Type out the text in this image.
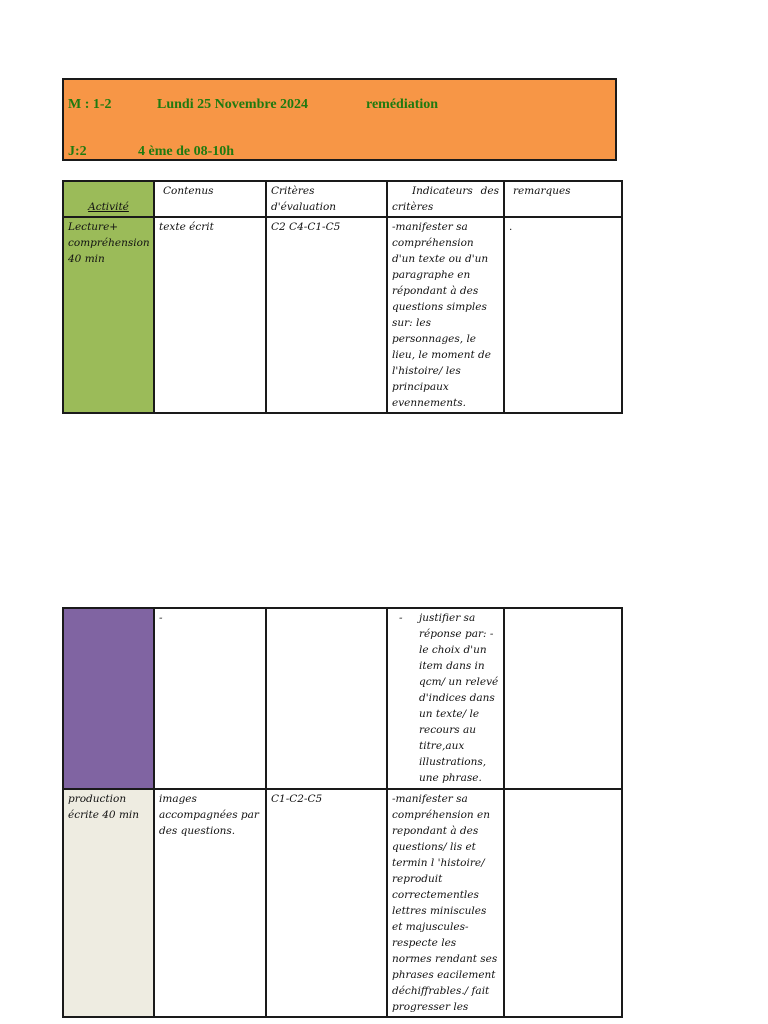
M : 1-2	Lundi 25 Novembre 2024	remédiation
J:2	4 ème de 08-10h
Activité	Contenus	Critères d'évaluation	Indicateurs des critères	remarques
Lecture+ compréhension 40 min	texte écrit	C2 C4-C1-C5	-manifester sa compréhension d'un texte ou d'un paragraphe en répondant à des questions simples sur: les personnages, le lieu, le moment de l'histoire/ les principaux evennements.	.
	-		- justifier sa réponse par: - le choix d'un item dans in qcm/ un relevé d'indices dans un texte/ le recours au titre,aux illustrations, une phrase.	
production écrite 40 min	images accompagnées par des questions.	C1-C2-C5	-manifester sa compréhension en repondant à des questions/ lis et termin l 'histoire/ reproduit correctementles lettres miniscules et majuscules- respecte les normes rendant ses phrases eacilement déchiffrables./ fait progresser les	
